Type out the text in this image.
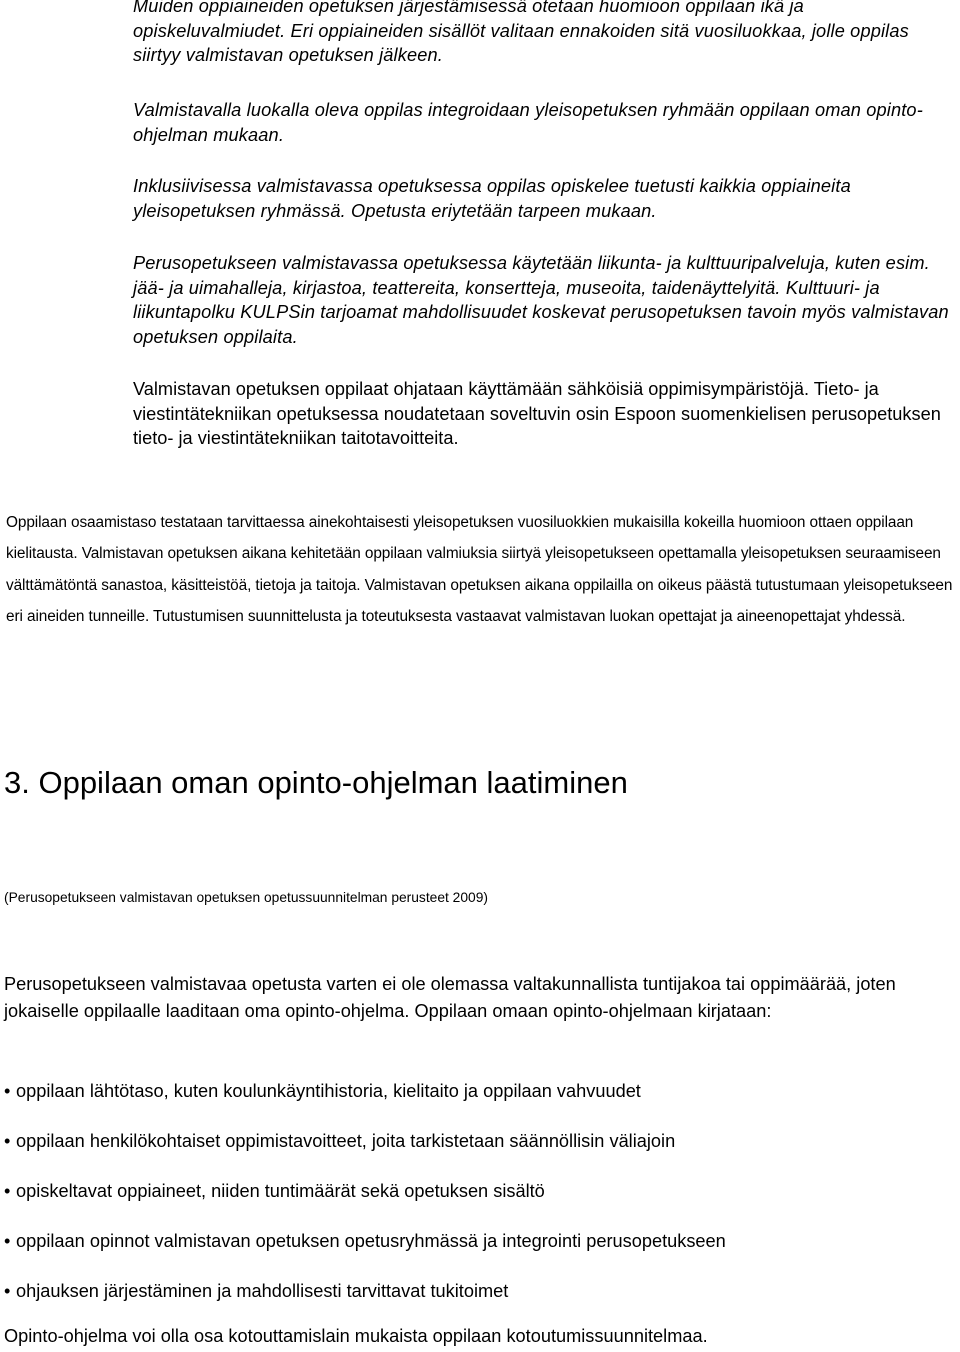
Muiden oppiaineiden opetuksen järjestämisessä otetaan huomioon oppilaan ikä ja opiskeluvalmiudet. Eri oppiaineiden sisällöt valitaan ennakoiden sitä vuosiluokkaa, jolle oppilas siirtyy valmistavan opetuksen jälkeen.

Valmistavalla luokalla oleva oppilas integroidaan yleisopetuksen ryhmään oppilaan oman opinto-ohjelman mukaan.

Inklusiivisessa valmistavassa opetuksessa oppilas opiskelee tuetusti kaikkia oppiaineita yleisopetuksen ryhmässä. Opetusta eriytetään tarpeen mukaan.

Perusopetukseen valmistavassa opetuksessa käytetään liikunta- ja kulttuuripalveluja, kuten esim. jää- ja uimahalleja, kirjastoa, teattereita, konsertteja, museoita, taidenäyttelyitä. Kulttuuri- ja liikuntapolku KULPSin tarjoamat mahdollisuudet koskevat perusopetuksen tavoin myös valmistavan opetuksen oppilaita.

Valmistavan opetuksen oppilaat ohjataan käyttämään sähköisiä oppimisympäristöjä. Tieto- ja viestintätekniikan opetuksessa noudatetaan soveltuvin osin Espoon suomenkielisen perusopetuksen tieto- ja viestintätekniikan taitotavoitteita.

Oppilaan osaamistaso testataan tarvittaessa ainekohtaisesti yleisopetuksen vuosiluokkien mukaisilla kokeilla huomioon ottaen oppilaan kielitausta. Valmistavan opetuksen aikana kehitetään oppilaan valmiuksia siirtyä yleisopetukseen opettamalla yleisopetuksen seuraamiseen välttämätöntä sanastoa, käsitteistöä, tietoja ja taitoja. Valmistavan opetuksen aikana oppilailla on oikeus päästä tutustumaan yleisopetukseen eri aineiden tunneille. Tutustumisen suunnittelusta ja toteutuksesta vastaavat valmistavan luokan opettajat ja aineenopettajat yhdessä.

3. Oppilaan oman opinto-ohjelman laatiminen

(Perusopetukseen valmistavan opetuksen opetussuunnitelman perusteet 2009)

Perusopetukseen valmistavaa opetusta varten ei ole olemassa valtakunnallista tuntijakoa tai oppimäärää, joten jokaiselle oppilaalle laaditaan oma opinto-ohjelma. Oppilaan omaan opinto-ohjelmaan kirjataan:

• oppilaan lähtötaso, kuten koulunkäyntihistoria, kielitaito ja oppilaan vahvuudet
• oppilaan henkilökohtaiset oppimistavoitteet, joita tarkistetaan säännöllisin väliajoin
• opiskeltavat oppiaineet, niiden tuntimäärät sekä opetuksen sisältö
• oppilaan opinnot valmistavan opetuksen opetusryhmässä ja integrointi perusopetukseen
• ohjauksen järjestäminen ja mahdollisesti tarvittavat tukitoimet

Opinto-ohjelma voi olla osa kotouttamislain mukaista oppilaan kotoutumissuunnitelmaa.
